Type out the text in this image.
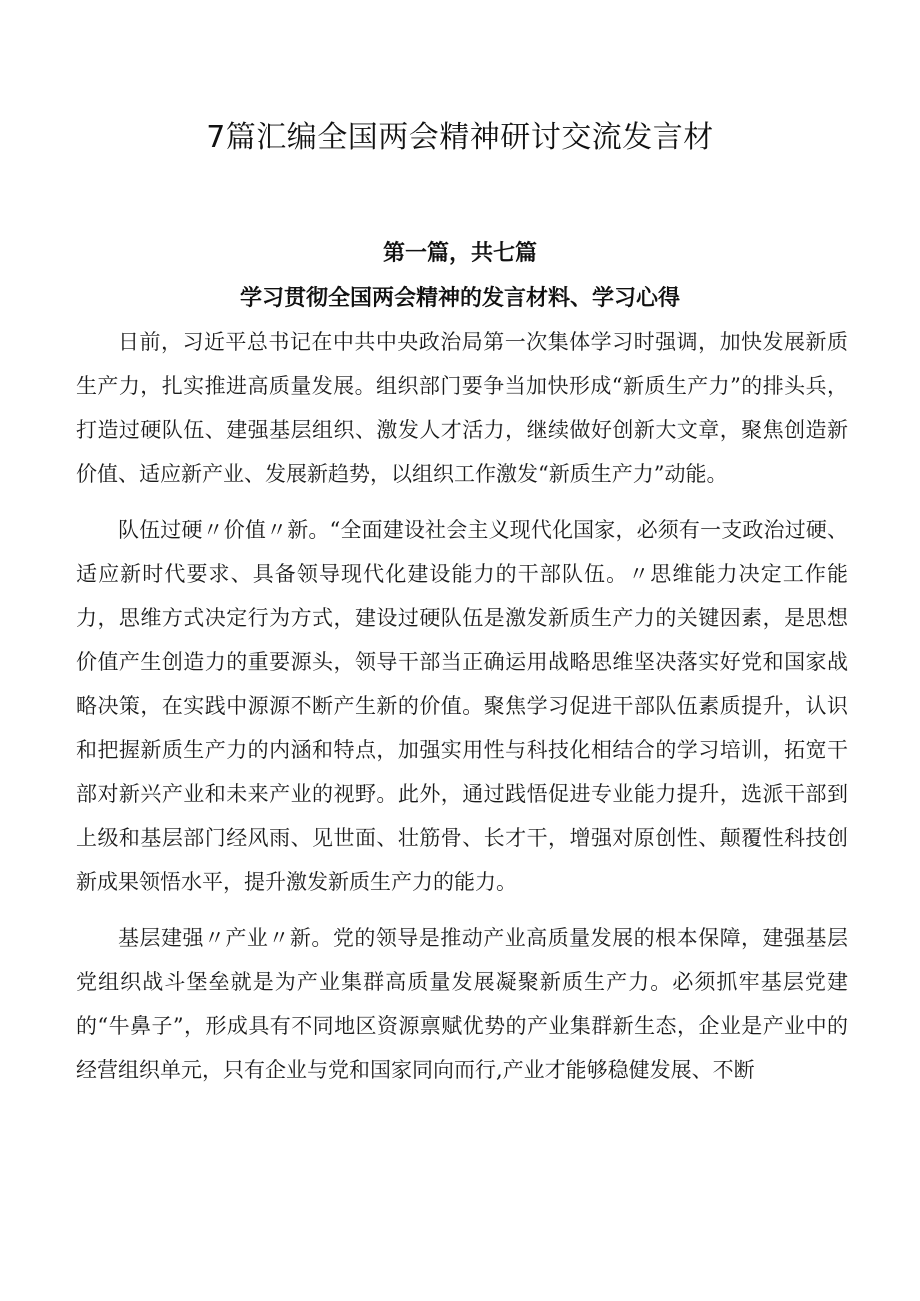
7篇汇编全国两会精神研讨交流发言材
第一篇，共七篇
学习贯彻全国两会精神的发言材料、学习心得

日前，习近平总书记在中共中央政治局第一次集体学习时强调，加快发展新质生产力，扎实推进高质量发展。组织部门要争当加快形成“新质生产力”的排头兵，打造过硬队伍、建强基层组织、激发人才活力，继续做好创新大文章，聚焦创造新价值、适应新产业、发展新趋势，以组织工作激发“新质生产力”动能。

队伍过硬〃价值〃新。“全面建设社会主义现代化国家，必须有一支政治过硬、适应新时代要求、具备领导现代化建设能力的干部队伍。〃思维能力决定工作能力，思维方式决定行为方式，建设过硬队伍是激发新质生产力的关键因素，是思想价值产生创造力的重要源头，领导干部当正确运用战略思维坚决落实好党和国家战略决策，在实践中源源不断产生新的价值。聚焦学习促进干部队伍素质提升，认识和把握新质生产力的内涵和特点，加强实用性与科技化相结合的学习培训，拓宽干部对新兴产业和未来产业的视野。此外，通过践悟促进专业能力提升，选派干部到上级和基层部门经风雨、见世面、壮筋骨、长才干，增强对原创性、颠覆性科技创新成果领悟水平，提升激发新质生产力的能力。

基层建强〃产业〃新。党的领导是推动产业高质量发展的根本保障，建强基层党组织战斗堡垒就是为产业集群高质量发展凝聚新质生产力。必须抓牢基层党建的“牛鼻子”，形成具有不同地区资源禀赋优势的产业集群新生态，企业是产业中的经营组织单元，只有企业与党和国家同向而行,产业才能够稳健发展、不断
